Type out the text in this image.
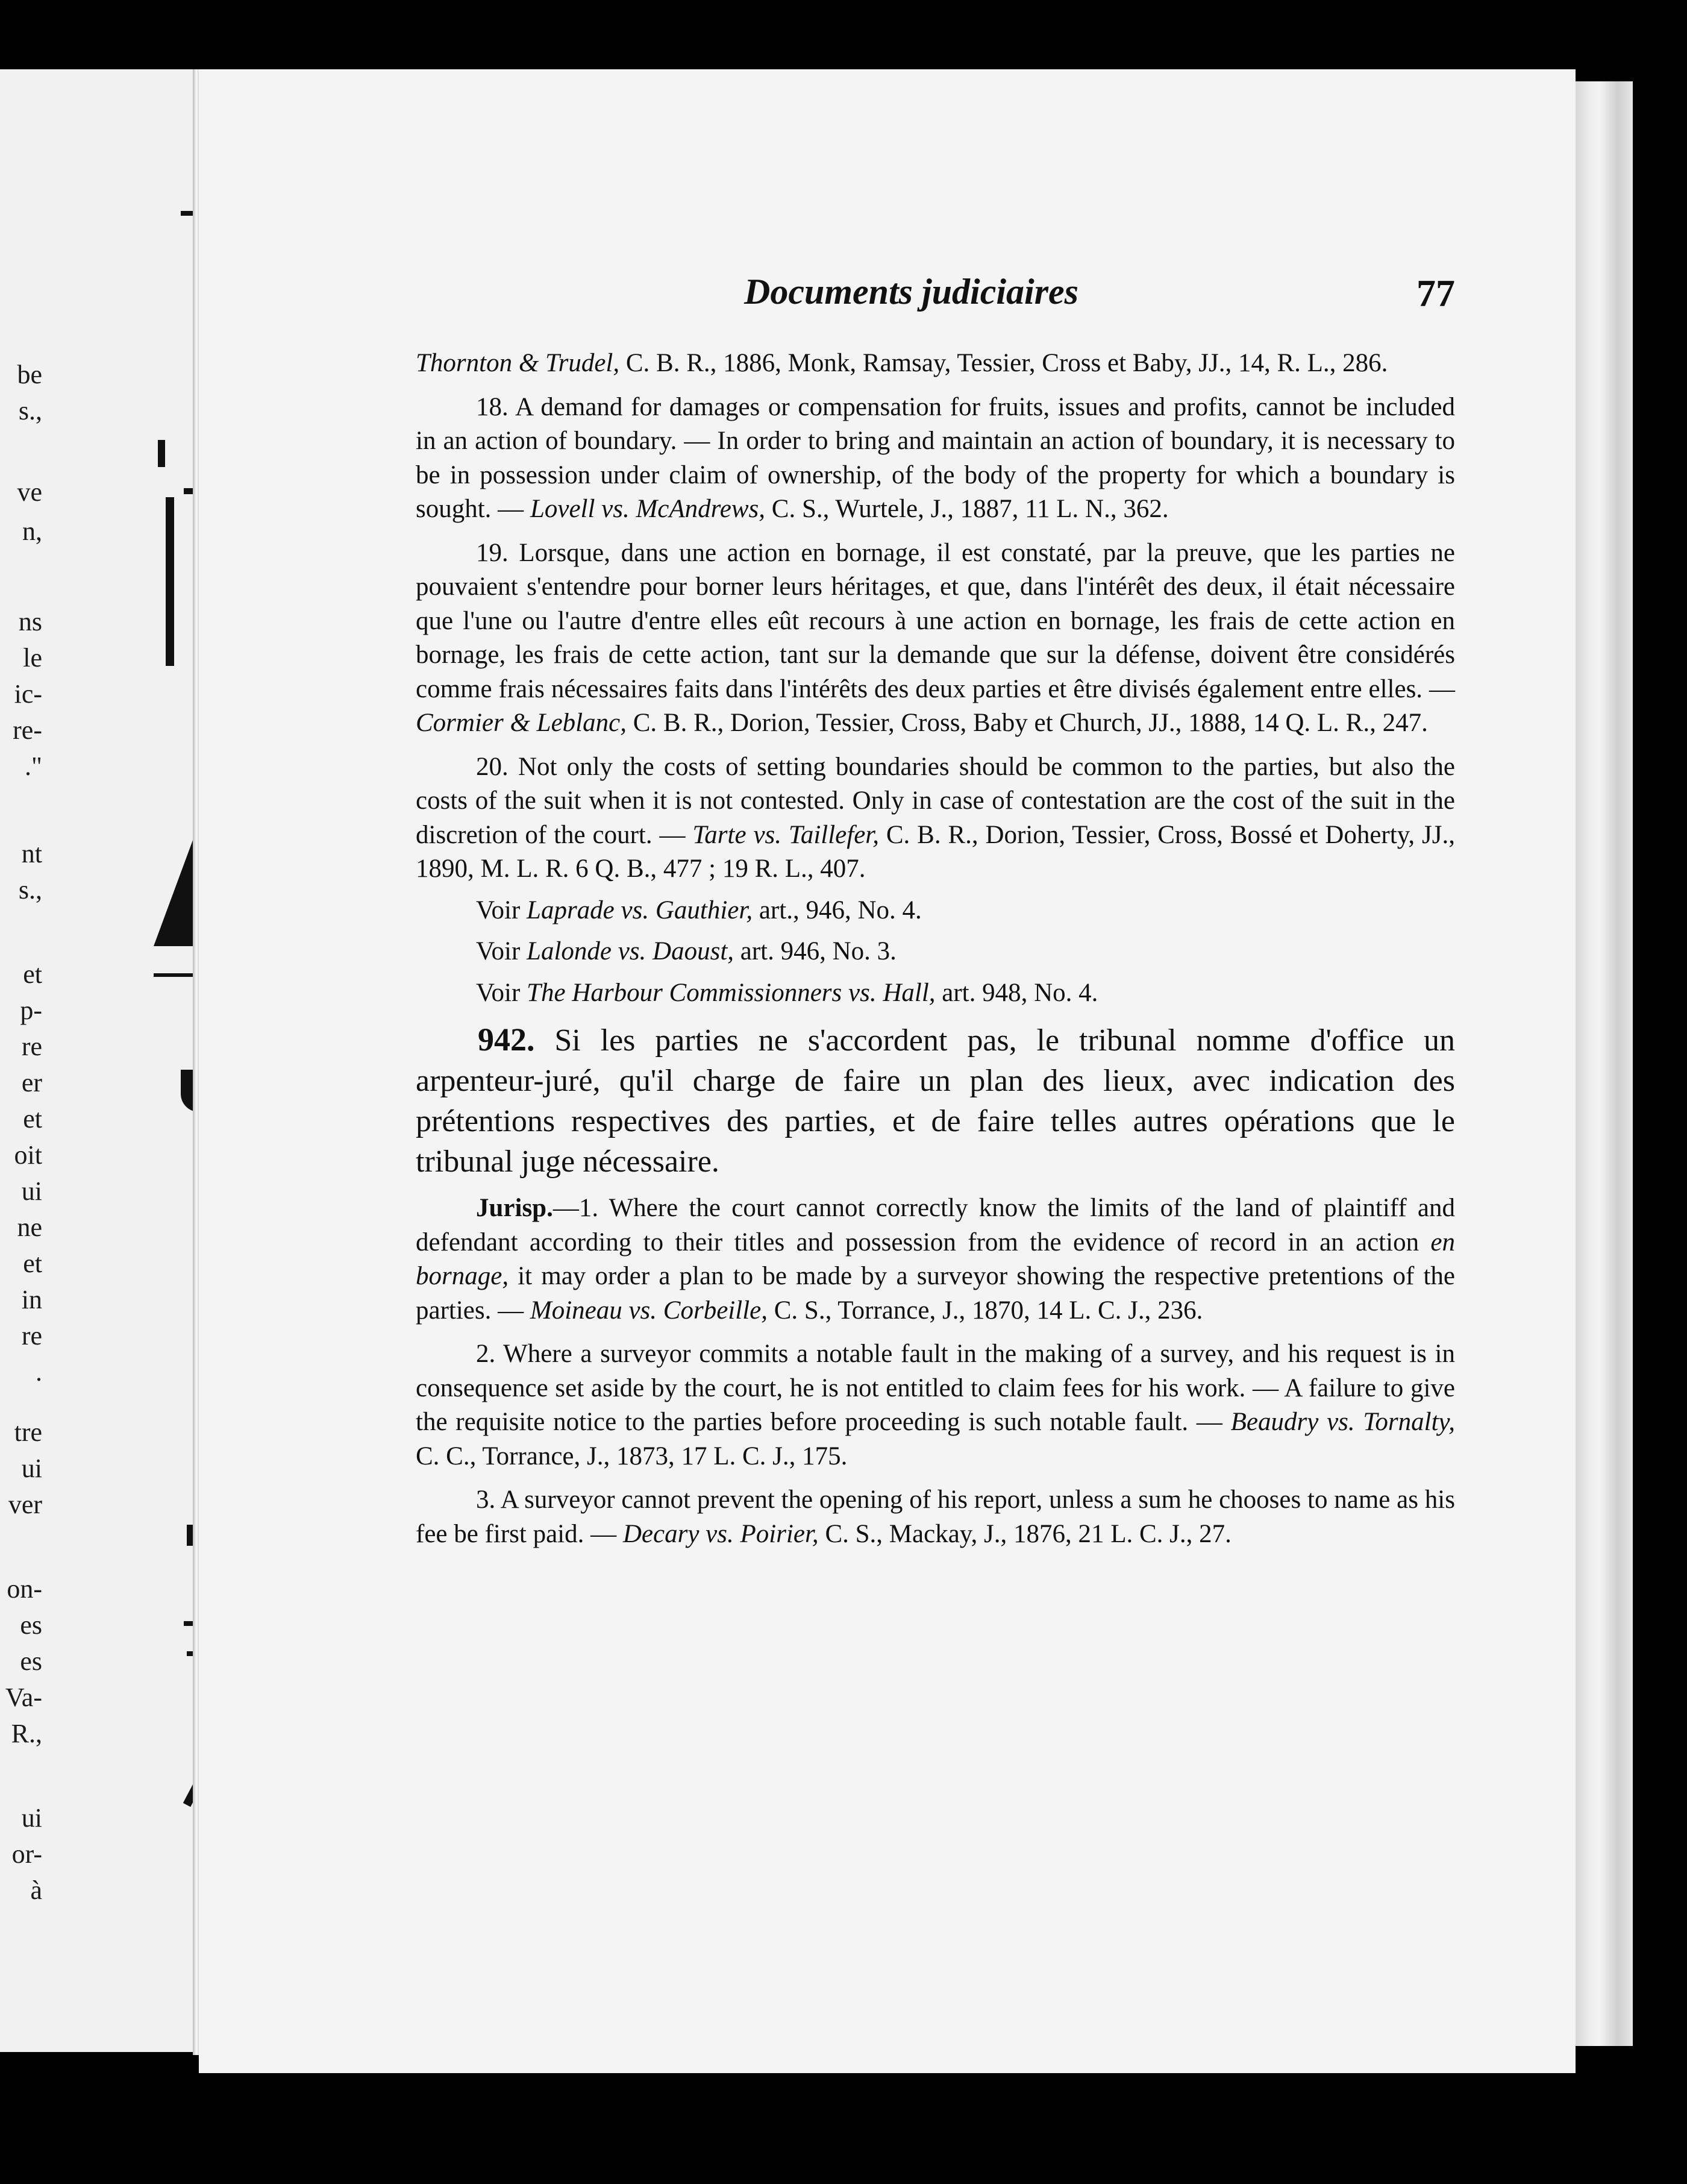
be
s.,
ve
n,
ns
le
ic-
re-
."
nt
s.,
et
p-
re
er
et
oit
ui
ne
et
in
re
.
tre
ui
ver
on-
es
es
Va-
R.,
ui
or-
à
Documents judiciaires	77

Thornton & Trudel, C. B. R., 1886, Monk, Ramsay, Tessier, Cross et Baby, JJ., 14, R. L., 286.

18. A demand for damages or compensation for fruits, issues and profits, cannot be included in an action of boundary. — In order to bring and maintain an action of boundary, it is necessary to be in possession under claim of ownership, of the body of the property for which a boundary is sought. — Lovell vs. McAndrews, C. S., Wurtele, J., 1887, 11 L. N., 362.

19. Lorsque, dans une action en bornage, il est constaté, par la preuve, que les parties ne pouvaient s'entendre pour borner leurs héritages, et que, dans l'intérêt des deux, il était nécessaire que l'une ou l'autre d'entre elles eût recours à une action en bornage, les frais de cette action en bornage, les frais de cette action, tant sur la demande que sur la défense, doivent être considérés comme frais nécessaires faits dans l'intérêts des deux parties et être divisés également entre elles. — Cormier & Leblanc, C. B. R., Dorion, Tessier, Cross, Baby et Church, JJ., 1888, 14 Q. L. R., 247.

20. Not only the costs of setting boundaries should be common to the parties, but also the costs of the suit when it is not contested. Only in case of contestation are the cost of the suit in the discretion of the court. — Tarte vs. Taillefer, C. B. R., Dorion, Tessier, Cross, Bossé et Doherty, JJ., 1890, M. L. R. 6 Q. B., 477 ; 19 R. L., 407.

Voir Laprade vs. Gauthier, art., 946, No. 4.

Voir Lalonde vs. Daoust, art. 946, No. 3.

Voir The Harbour Commissionners vs. Hall, art. 948, No. 4.

942. Si les parties ne s'accordent pas, le tribunal nomme d'office un arpenteur-juré, qu'il charge de faire un plan des lieux, avec indication des prétentions respectives des parties, et de faire telles autres opérations que le tribunal juge nécessaire.

Jurisp.—1. Where the court cannot correctly know the limits of the land of plaintiff and defendant according to their titles and possession from the evidence of record in an action en bornage, it may order a plan to be made by a surveyor showing the respective pretentions of the parties. — Moineau vs. Corbeille, C. S., Torrance, J., 1870, 14 L. C. J., 236.

2. Where a surveyor commits a notable fault in the making of a survey, and his request is in consequence set aside by the court, he is not entitled to claim fees for his work. — A failure to give the requisite notice to the parties before proceeding is such notable fault. — Beaudry vs. Tornalty, C. C., Torrance, J., 1873, 17 L. C. J., 175.

3. A surveyor cannot prevent the opening of his report, unless a sum he chooses to name as his fee be first paid. — Decary vs. Poirier, C. S., Mackay, J., 1876, 21 L. C. J., 27.
